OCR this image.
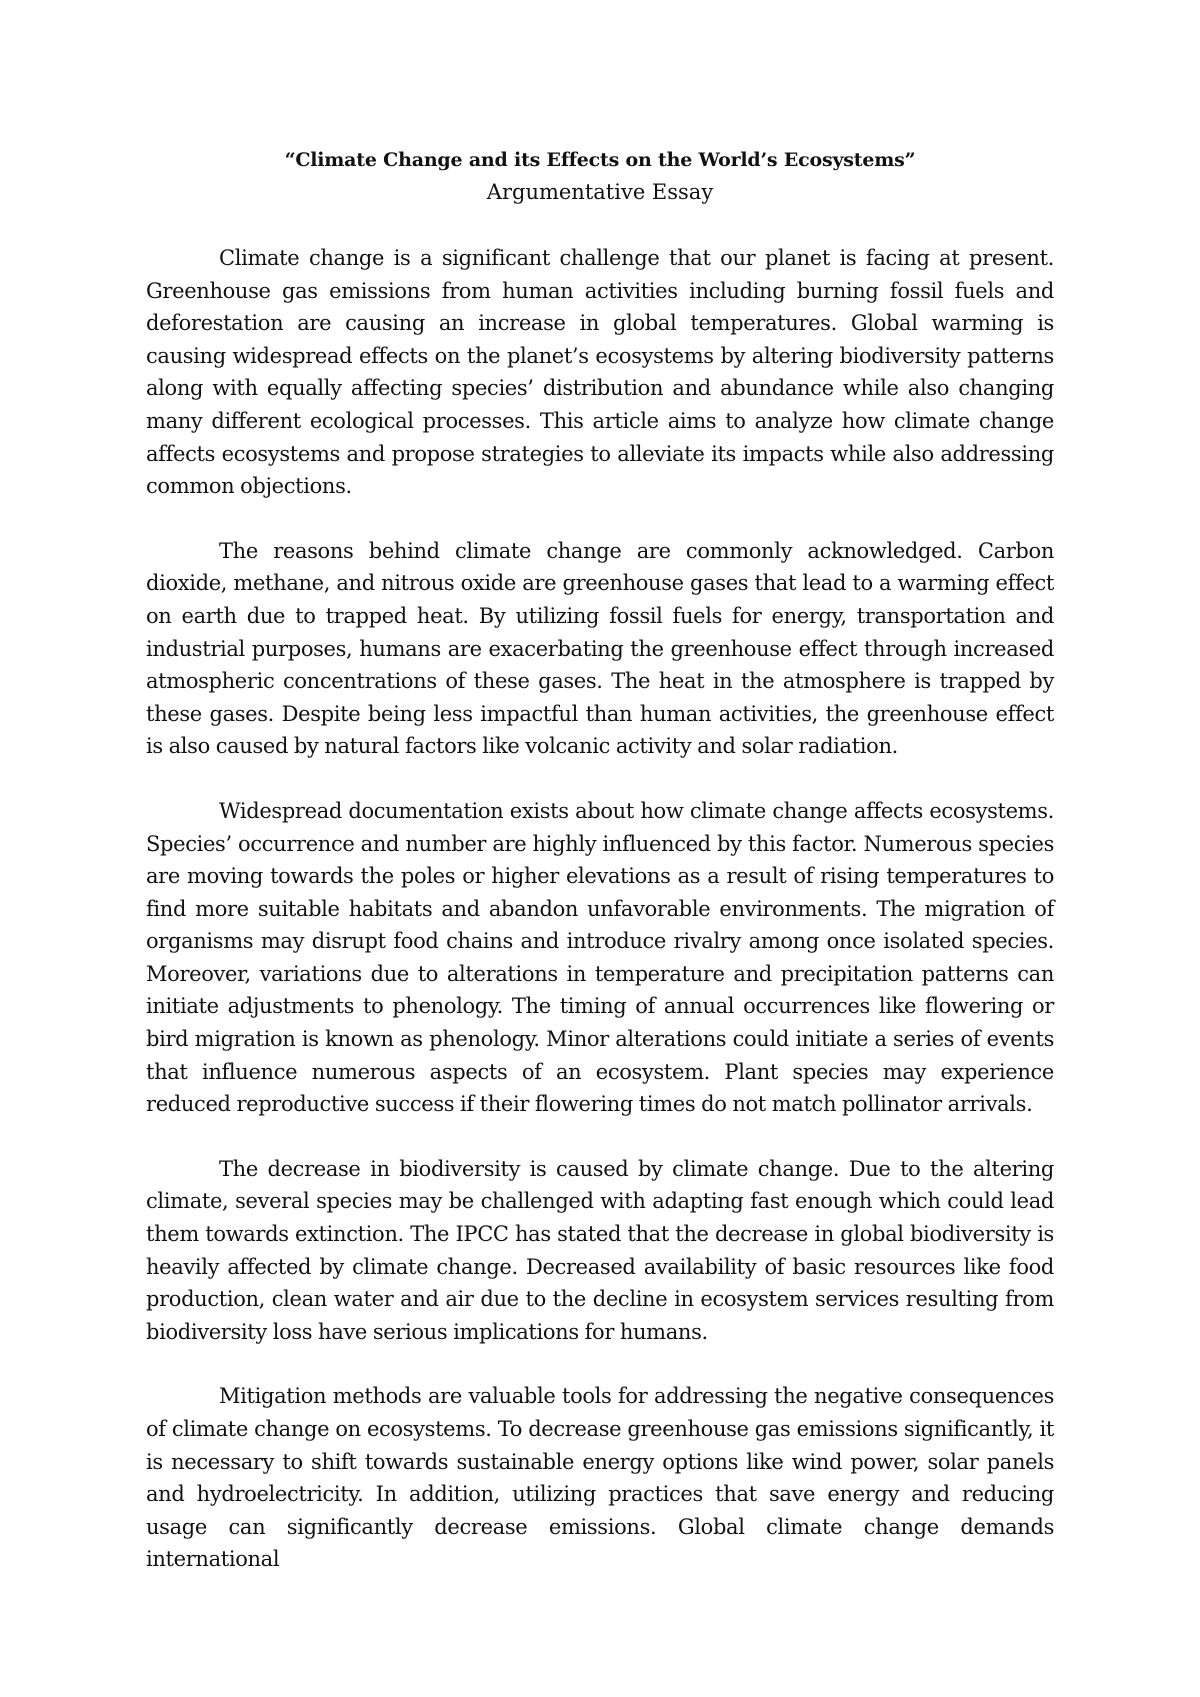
“Climate Change and its Effects on the World’s Ecosystems”

Argumentative Essay

Climate change is a significant challenge that our planet is facing at present. Greenhouse gas emissions from human activities including burning fossil fuels and deforestation are causing an increase in global temperatures. Global warming is causing widespread effects on the planet’s ecosystems by altering biodiversity patterns along with equally affecting species’ distribution and abundance while also changing many different ecological processes. This article aims to analyze how climate change affects ecosystems and propose strategies to alleviate its impacts while also addressing common objections.

The reasons behind climate change are commonly acknowledged. Carbon dioxide, methane, and nitrous oxide are greenhouse gases that lead to a warming effect on earth due to trapped heat. By utilizing fossil fuels for energy, transportation and industrial purposes, humans are exacerbating the greenhouse effect through increased atmospheric concentrations of these gases. The heat in the atmosphere is trapped by these gases. Despite being less impactful than human activities, the greenhouse effect is also caused by natural factors like volcanic activity and solar radiation.

Widespread documentation exists about how climate change affects ecosystems. Species’ occurrence and number are highly influenced by this factor. Numerous species are moving towards the poles or higher elevations as a result of rising temperatures to find more suitable habitats and abandon unfavorable environments. The migration of organisms may disrupt food chains and introduce rivalry among once isolated species. Moreover, variations due to alterations in temperature and precipitation patterns can initiate adjustments to phenology. The timing of annual occurrences like flowering or bird migration is known as phenology. Minor alterations could initiate a series of events that influence numerous aspects of an ecosystem. Plant species may experience reduced reproductive success if their flowering times do not match pollinator arrivals.

The decrease in biodiversity is caused by climate change. Due to the altering climate, several species may be challenged with adapting fast enough which could lead them towards extinction. The IPCC has stated that the decrease in global biodiversity is heavily affected by climate change. Decreased availability of basic resources like food production, clean water and air due to the decline in ecosystem services resulting from biodiversity loss have serious implications for humans.

Mitigation methods are valuable tools for addressing the negative consequences of climate change on ecosystems. To decrease greenhouse gas emissions significantly, it is necessary to shift towards sustainable energy options like wind power, solar panels and hydroelectricity. In addition, utilizing practices that save energy and reducing usage can significantly decrease emissions. Global climate change demands international
